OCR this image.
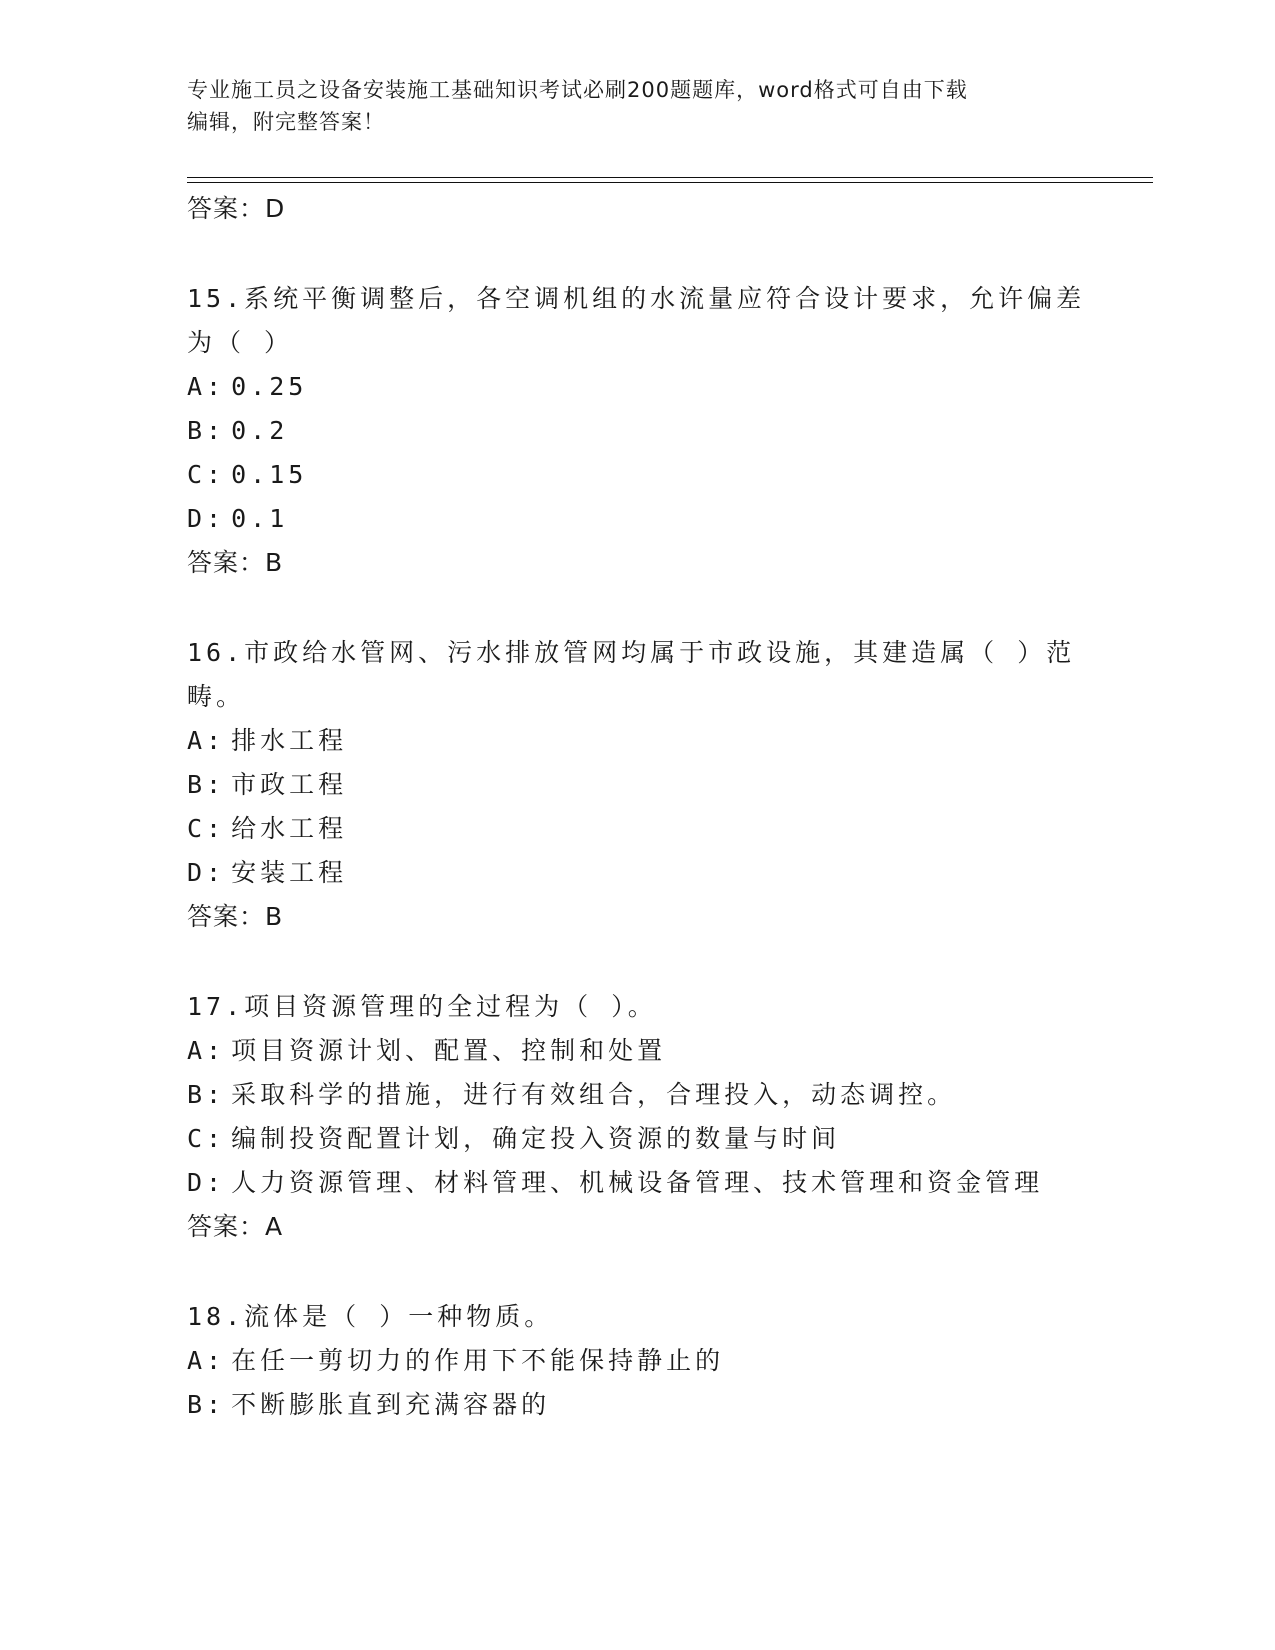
专业施工员之设备安装施工基础知识考试必刷200题题库，word格式可自由下载
编辑，附完整答案！
答案：D
15.系统平衡调整后，各空调机组的水流量应符合设计要求，允许偏差
为（ ）
A: 0.25
B: 0.2
C: 0.15
D: 0.1
答案：B
16.市政给水管网、污水排放管网均属于市政设施，其建造属（ ）范
畴。
A: 排水工程
B: 市政工程
C: 给水工程
D: 安装工程
答案：B
17.项目资源管理的全过程为（ ）。
A: 项目资源计划、配置、控制和处置
B: 采取科学的措施，进行有效组合，合理投入，动态调控。
C: 编制投资配置计划，确定投入资源的数量与时间
D: 人力资源管理、材料管理、机械设备管理、技术管理和资金管理
答案：A
18.流体是（ ）一种物质。
A: 在任一剪切力的作用下不能保持静止的
B: 不断膨胀直到充满容器的
